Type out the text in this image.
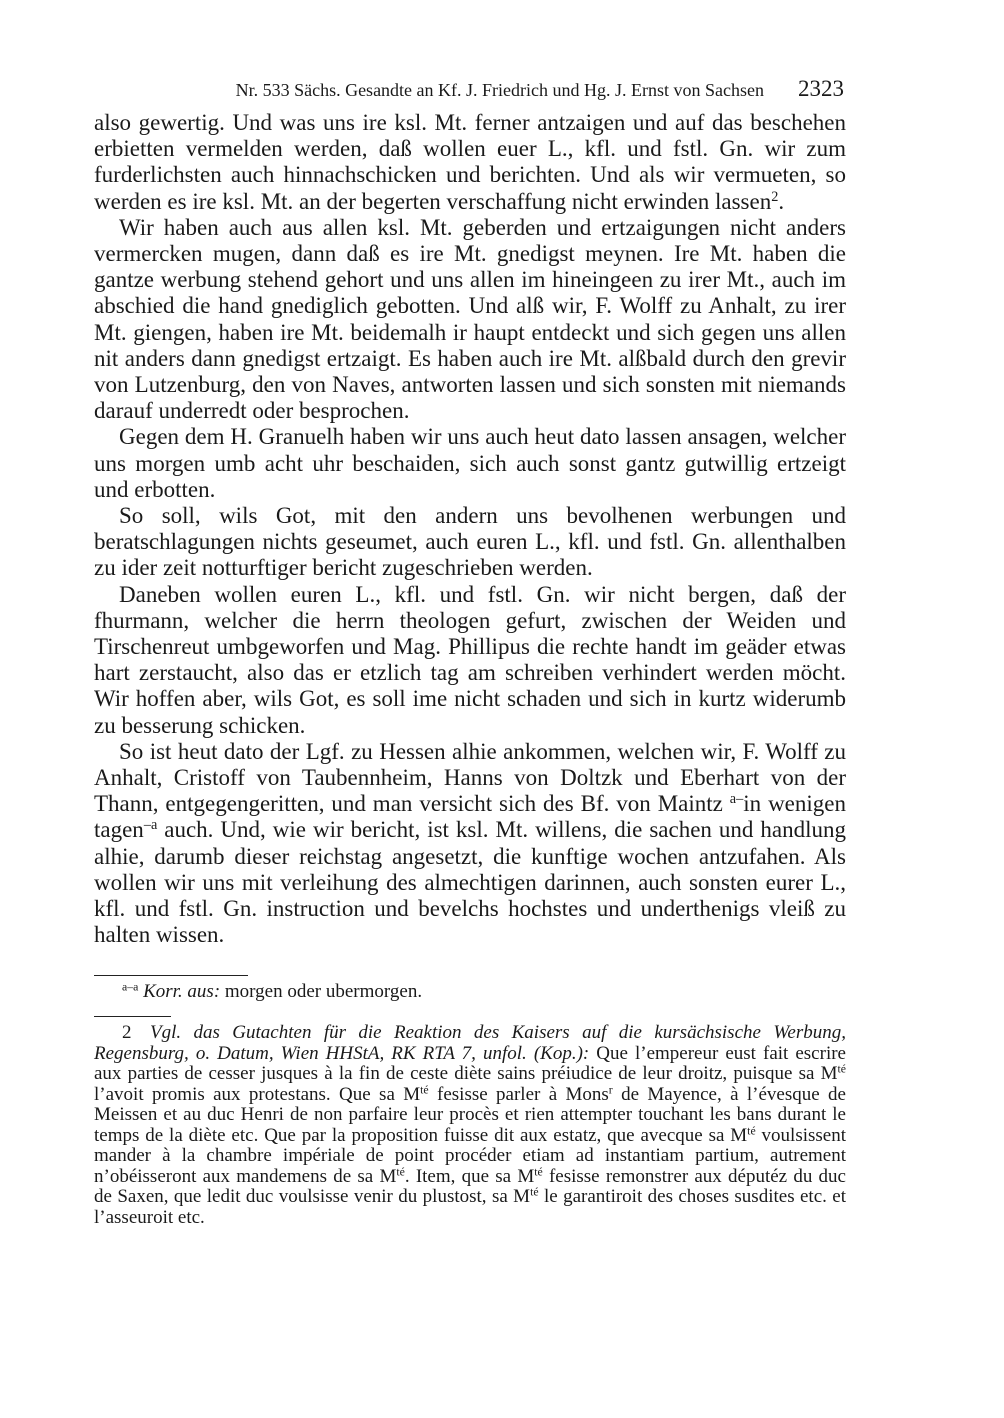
Nr. 533 Sächs. Gesandte an Kf. J. Friedrich und Hg. J. Ernst von Sachsen 2323

also gewertig. Und was uns ire ksl. Mt. ferner antzaigen und auf das beschehen erbietten vermelden werden, daß wollen euer L., kfl. und fstl. Gn. wir zum furderlichsten auch hinnachschicken und berichten. Und als wir vermueten, so werden es ire ksl. Mt. an der begerten verschaffung nicht erwinden lassen$^2$.

Wir haben auch aus allen ksl. Mt. geberden und ertzaigungen nicht anders vermercken mugen, dann daß es ire Mt. gnedigst meynen. Ire Mt. haben die gantze werbung stehend gehort und uns allen im hineingeen zu irer Mt., auch im abschied die hand gnediglich gebotten. Und alß wir, F. Wolff zu Anhalt, zu irer Mt. giengen, haben ire Mt. beidemalh ir haupt entdeckt und sich gegen uns allen nit anders dann gnedigst ertzaigt. Es haben auch ire Mt. alßbald durch den grevir von Lutzenburg, den von Naves, antworten lassen und sich sonsten mit niemands darauf underredt oder besprochen.

Gegen dem H. Granuelh haben wir uns auch heut dato lassen ansagen, welcher uns morgen umb acht uhr beschaiden, sich auch sonst gantz gutwillig ertzeigt und erbotten.

So soll, wils Got, mit den andern uns bevolhenen werbungen und beratschlagungen nichts geseumet, auch euren L., kfl. und fstl. Gn. allenthalben zu ider zeit notturftiger bericht zugeschrieben werden.

Daneben wollen euren L., kfl. und fstl. Gn. wir nicht bergen, daß der fhurmann, welcher die herrn theologen gefurt, zwischen der Weiden und Tirschenreut umbgeworfen und Mag. Phillipus die rechte handt im geäder etwas hart zerstaucht, also das er etzlich tag am schreiben verhindert werden möcht. Wir hoffen aber, wils Got, es soll ime nicht schaden und sich in kurtz widerumb zu besserung schicken.

So ist heut dato der Lgf. zu Hessen alhie ankommen, welchen wir, F. Wolff zu Anhalt, Cristoff von Taubennheim, Hanns von Doltzk und Eberhart von der Thann, entgegengeritten, und man versicht sich des Bf. von Maintz $^{a-}$in wenigen tagen$^{-a}$ auch. Und, wie wir bericht, ist ksl. Mt. willens, die sachen und handlung alhie, darumb dieser reichstag angesetzt, die kunftige wochen antzufahen. Als wollen wir uns mit verleihung des almechtigen darinnen, auch sonsten eurer L., kfl. und fstl. Gn. instruction und bevelchs hochstes und underthenigs vleiß zu halten wissen.

$^{a-a}$ Korr. aus: morgen oder ubermorgen.

2 Vgl. das Gutachten für die Reaktion des Kaisers auf die kursächsische Werbung, Regensburg, o. Datum, Wien HHStA, RK RTA 7, unfol. (Kop.): Que l’empereur eust fait escrire aux parties de cesser jusques à la fin de ceste diète sains préiudice de leur droitz, puisque sa $M^{té}$ l’avoit promis aux protestans. Que sa $M^{té}$ fesisse parler à Mons$^r$ de Mayence, à l’évesque de Meissen et au duc Henri de non parfaire leur procès et rien attempter touchant les bans durant le temps de la diète etc. Que par la proposition fuisse dit aux estatz, que avecque sa $M^{té}$ voulsissent mander à la chambre impériale de point procéder etiam ad instantiam partium, autrement n’obéisseront aux mandemens de sa $M^{té}$. Item, que sa $M^{té}$ fesisse remonstrer aux députéz du duc de Saxen, que ledit duc voulsisse venir du plustost, sa $M^{té}$ le garantiroit des choses susdites etc. et l’asseuroit etc.
